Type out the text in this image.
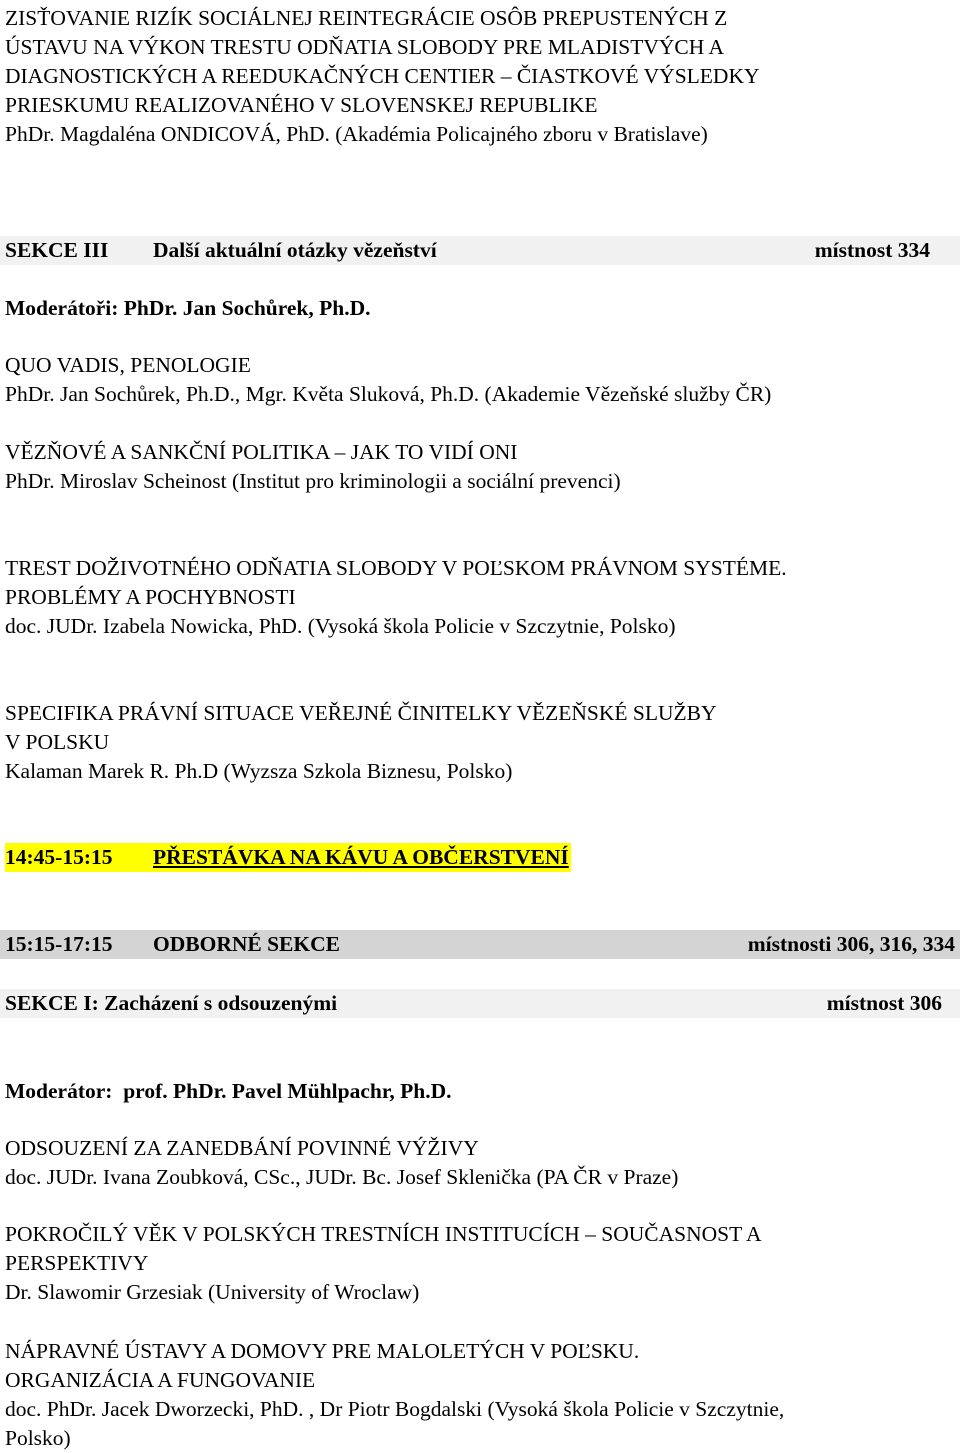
ZISŤOVANIE RIZÍK SOCIÁLNEJ REINTEGRÁCIE OSÔB PREPUSTENÝCH Z
ÚSTAVU NA VÝKON TRESTU ODŇATIA SLOBODY PRE MLADISTVÝCH A
DIAGNOSTICKÝCH A REEDUKAČNÝCH CENTIER – ČIASTKOVÉ VÝSLEDKY
PRIESKUMU REALIZOVANÉHO V SLOVENSKEJ REPUBLIKE
PhDr. Magdaléna ONDICOVÁ, PhD. (Akadémia Policajného zboru v Bratislave)
SEKCE III	Další aktuální otázky vězeňství	místnost 334
Moderátoři: PhDr. Jan Sochůrek, Ph.D.
QUO VADIS, PENOLOGIE
PhDr. Jan Sochůrek, Ph.D., Mgr. Květa Sluková, Ph.D. (Akademie Vězeňské služby ČR)
VĚZŇOVÉ A SANKČNÍ POLITIKA – JAK TO VIDÍ ONI
PhDr. Miroslav Scheinost (Institut pro kriminologii a sociální prevenci)
TREST DOŽIVOTNÉHO ODŇATIA SLOBODY V POĽSKOM PRÁVNOM SYSTÉME.
PROBLÉMY A POCHYBNOSTI
doc. JUDr. Izabela Nowicka, PhD. (Vysoká škola Policie v Szczytnie, Polsko)
SPECIFIKA PRÁVNÍ SITUACE VEŘEJNÉ ČINITELKY VĚZEŇSKÉ SLUŽBY
V POLSKU
Kalaman Marek R. Ph.D (Wyzsza Szkola Biznesu, Polsko)
14:45-15:15	PŘESTÁVKA NA KÁVU A OBČERSTVENÍ
15:15-17:15	ODBORNÉ SEKCE	místnosti 306, 316, 334
SEKCE I: Zacházení s odsouzenými	místnost 306
Moderátor: prof. PhDr. Pavel Mühlpachr, Ph.D.
ODSOUZENÍ ZA ZANEDBÁNÍ POVINNÉ VÝŽIVY
doc. JUDr. Ivana Zoubková, CSc., JUDr. Bc. Josef Sklenička (PA ČR v Praze)
POKROČILÝ VĚK V POLSKÝCH TRESTNÍCH INSTITUCÍCH – SOUČASNOST A
PERSPEKTIVY
Dr. Slawomir Grzesiak (University of Wroclaw)
NÁPRAVNÉ ÚSTAVY A DOMOVY PRE MALOLETÝCH V POĽSKU.
ORGANIZÁCIA A FUNGOVANIE
doc. PhDr. Jacek Dworzecki, PhD. , Dr Piotr Bogdalski (Vysoká škola Policie v Szczytnie,
Polsko)
